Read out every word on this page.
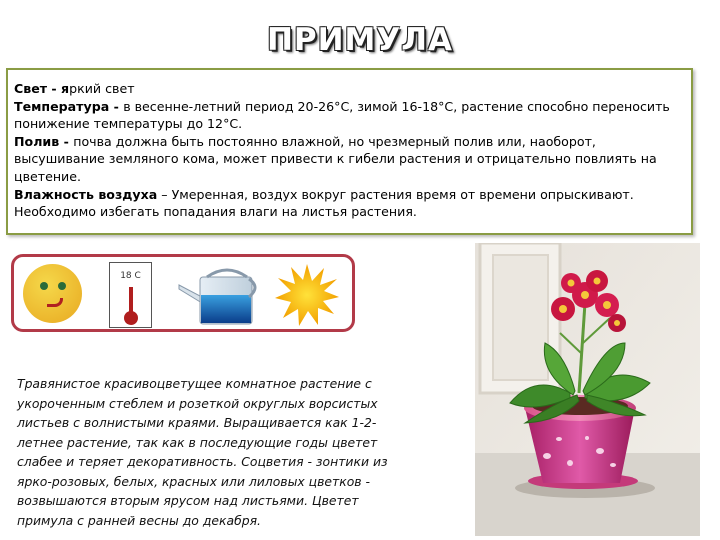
ПРИМУЛА

Свет - яркий свет

Температура - в весенне-летний период 20-26°C, зимой 16-18°C, растение способно переносить понижение температуры до 12°C.

Полив - почва должна быть постоянно влажной, но чрезмерный полив или, наоборот, высушивание земляного кома, может привести к гибели растения и отрицательно повлиять на цветение.

Влажность воздуха – Умеренная, воздух вокруг растения время от времени опрыскивают. Необходимо избегать попадания влаги на листья растения.

18 C
Травянистое красивоцветущее комнатное растение с укороченным стеблем и розеткой округлых ворсистых листьев с волнистыми краями. Выращивается как 1-2-летнее растение, так как в последующие годы цветет слабее и теряет декоративность. Соцветия - зонтики из ярко-розовых, белых, красных или лиловых цветков - возвышаются вторым ярусом над листьями. Цветет примула с ранней весны до декабря.
